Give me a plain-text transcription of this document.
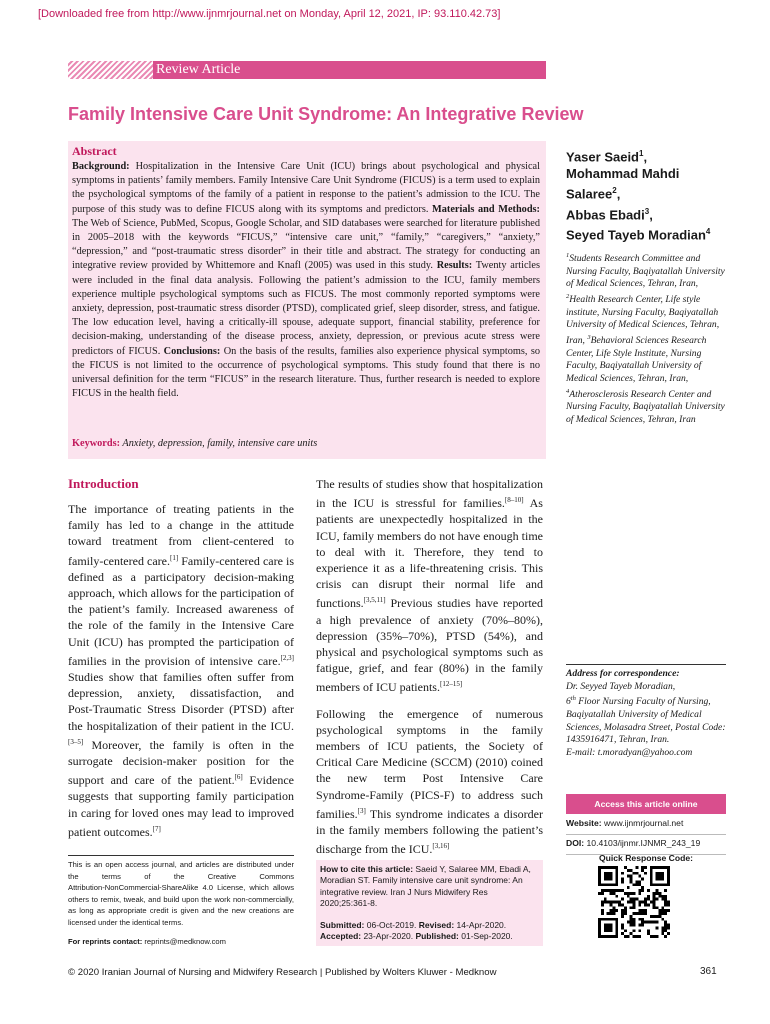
[Downloaded free from http://www.ijnmrjournal.net on Monday, April 12, 2021, IP: 93.110.42.73]
Review Article
Family Intensive Care Unit Syndrome: An Integrative Review
Abstract
Background: Hospitalization in the Intensive Care Unit (ICU) brings about psychological and physical symptoms in patients’ family members. Family Intensive Care Unit Syndrome (FICUS) is a term used to explain the psychological symptoms of the family of a patient in response to the patient’s admission to the ICU. The purpose of this study was to define FICUS along with its symptoms and predictors. Materials and Methods: The Web of Science, PubMed, Scopus, Google Scholar, and SID databases were searched for literature published in 2005–2018 with the keywords “FICUS,” “intensive care unit,” “family,” “caregivers,” “anxiety,” “depression,” and “post‑traumatic stress disorder” in their title and abstract. The strategy for conducting an integrative review provided by Whittemore and Knafl (2005) was used in this study. Results: Twenty articles were included in the final data analysis. Following the patient’s admission to the ICU, family members experience multiple psychological symptoms such as FICUS. The most commonly reported symptoms were anxiety, depression, post-traumatic stress disorder (PTSD), complicated grief, sleep disorder, stress, and fatigue. The low education level, having a critically‑ill spouse, adequate support, financial stability, preference for decision‑making, understanding of the disease process, anxiety, depression, or previous acute stress were predictors of FICUS. Conclusions: On the basis of the results, families also experience physical symptoms, so the FICUS is not limited to the occurrence of psychological symptoms. This study found that there is no universal definition for the term “FICUS” in the research literature. Thus, further research is needed to explore FICUS in the health field.
Keywords: Anxiety, depression, family, intensive care units
Yaser Saeid$^1$,
Mohammad Mahdi Salaree$^2$,
Abbas Ebadi$^3$,
Seyed Tayeb Moradian$^4$
$^1$Students Research Committee and Nursing Faculty, Baqiyatallah University of Medical Sciences, Tehran, Iran, $^2$Health Research Center, Life style institute, Nursing Faculty, Baqiyatallah University of Medical Sciences, Tehran, Iran, $^3$Behavioral Sciences Research Center, Life Style Institute, Nursing Faculty, Baqiyatallah University of Medical Sciences, Tehran, Iran, $^4$Atherosclerosis Research Center and Nursing Faculty, Baqiyatallah University of Medical Sciences, Tehran, Iran
Introduction

The importance of treating patients in the family has led to a change in the attitude toward treatment from client‑centered to family‑centered care.[1] Family‑centered care is defined as a participatory decision‑making approach, which allows for the participation of the patient’s family. Increased awareness of the role of the family in the Intensive Care Unit (ICU) has prompted the participation of families in the provision of intensive care.[2,3] Studies show that families often suffer from depression, anxiety, dissatisfaction, and Post‑Traumatic Stress Disorder (PTSD) after the hospitalization of their patient in the ICU.[3–5] Moreover, the family is often in the surrogate decision‑maker position for the support and care of the patient.[6] Evidence suggests that supporting family participation in caring for loved ones may lead to improved patient outcomes.[7]

The results of studies show that hospitalization in the ICU is stressful for families.[8–10] As patients are unexpectedly hospitalized in the ICU, family members do not have enough time to deal with it. Therefore, they tend to experience it as a life‑threatening crisis. This crisis can disrupt their normal life and functions.[3,5,11] Previous studies have reported a high prevalence of anxiety (70%–80%), depression (35%–70%), PTSD (54%), and physical and psychological symptoms such as fatigue, grief, and fear (80%) in the family members of ICU patients.[12–15]

Following the emergence of numerous psychological symptoms in the family members of ICU patients, the Society of Critical Care Medicine (SCCM) (2010) coined the new term Post Intensive Care Syndrome‑Family (PICS‑F) to address such families.[3] This syndrome indicates a disorder in the family members following the patient’s discharge from the ICU.[3,16]

This is an open access journal, and articles are distributed under the terms of the Creative Commons Attribution‑NonCommercial‑ShareAlike 4.0 License, which allows others to remix, tweak, and build upon the work non‑commercially, as long as appropriate credit is given and the new creations are licensed under the identical terms.
For reprints contact: reprints@medknow.com
How to cite this article: Saeid Y, Salaree MM, Ebadi A, Moradian ST. Family intensive care unit syndrome: An integrative review. Iran J Nurs Midwifery Res 2020;25:361-8.
Submitted: 06-Oct-2019. Revised: 14-Apr-2020.
Accepted: 23-Apr-2020. Published: 01-Sep-2020.
Address for correspondence:
Dr. Seyyed Tayeb Moradian,
6th Floor Nursing Faculty of Nursing, Baqiyatallah University of Medical Sciences, Molasadra Street, Postal Code: 1435916471, Tehran, Iran.
E-mail: t.moradyan@yahoo.com
Access this article online
Website: www.ijnmrjournal.net
DOI: 10.4103/ijnmr.IJNMR_243_19
Quick Response Code:
© 2020 Iranian Journal of Nursing and Midwifery Research | Published by Wolters Kluwer - Medknow	361
